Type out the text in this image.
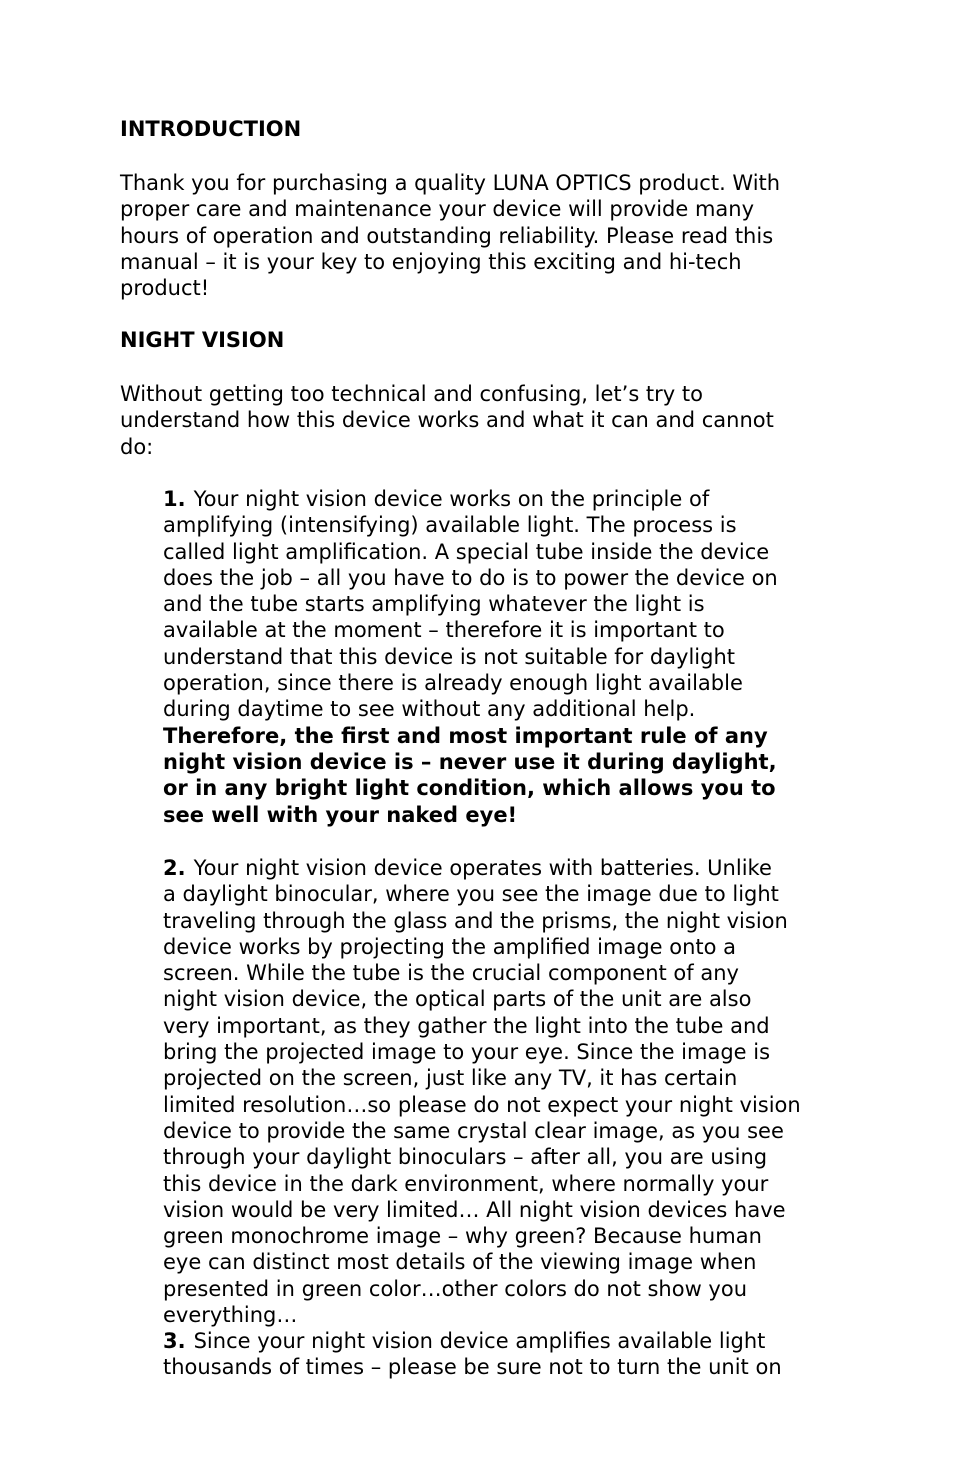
INTRODUCTION

Thank you for purchasing a quality LUNA OPTICS product. With
proper care and maintenance your device will provide many
hours of operation and outstanding reliability. Please read this
manual – it is your key to enjoying this exciting and hi-tech
product!

NIGHT VISION

Without getting too technical and confusing, let’s try to
understand how this device works and what it can and cannot
do:

1. Your night vision device works on the principle of
amplifying (intensifying) available light. The process is
called light amplification. A special tube inside the device
does the job – all you have to do is to power the device on
and the tube starts amplifying whatever the light is
available at the moment – therefore it is important to
understand that this device is not suitable for daylight
operation, since there is already enough light available
during daytime to see without any additional help.
Therefore, the first and most important rule of any
night vision device is – never use it during daylight,
or in any bright light condition, which allows you to
see well with your naked eye!
2. Your night vision device operates with batteries. Unlike
a daylight binocular, where you see the image due to light
traveling through the glass and the prisms, the night vision
device works by projecting the amplified image onto a
screen. While the tube is the crucial component of any
night vision device, the optical parts of the unit are also
very important, as they gather the light into the tube and
bring the projected image to your eye. Since the image is
projected on the screen, just like any TV, it has certain
limited resolution…so please do not expect your night vision
device to provide the same crystal clear image, as you see
through your daylight binoculars – after all, you are using
this device in the dark environment, where normally your
vision would be very limited… All night vision devices have
green monochrome image – why green? Because human
eye can distinct most details of the viewing image when
presented in green color…other colors do not show you
everything…
3. Since your night vision device amplifies available light
thousands of times – please be sure not to turn the unit on
